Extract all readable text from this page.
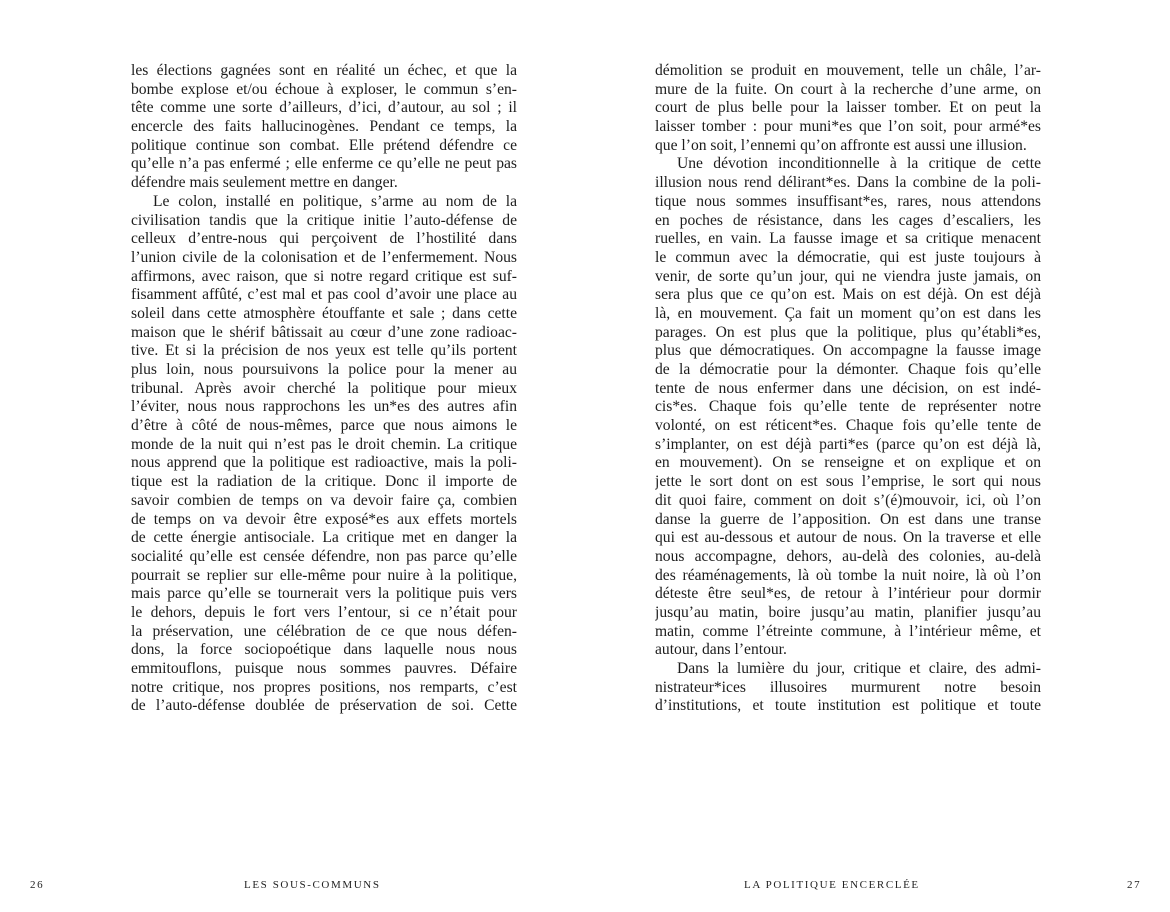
les élections gagnées sont en réalité un échec, et que la
bombe explose et/ou échoue à exploser, le commun s’en-
tête comme une sorte d’ailleurs, d’ici, d’autour, au sol ; il
encercle des faits hallucinogènes. Pendant ce temps, la
politique continue son combat. Elle prétend défendre ce
qu’elle n’a pas enfermé ; elle enferme ce qu’elle ne peut pas
défendre mais seulement mettre en danger.
Le colon, installé en politique, s’arme au nom de la
civilisation tandis que la critique initie l’auto-défense de
celleux d’entre-nous qui perçoivent de l’hostilité dans
l’union civile de la colonisation et de l’enfermement. Nous
affirmons, avec raison, que si notre regard critique est suf-
fisamment affûté, c’est mal et pas cool d’avoir une place au
soleil dans cette atmosphère étouffante et sale ; dans cette
maison que le shérif bâtissait au cœur d’une zone radioac-
tive. Et si la précision de nos yeux est telle qu’ils portent
plus loin, nous poursuivons la police pour la mener au
tribunal. Après avoir cherché la politique pour mieux
l’éviter, nous nous rapprochons les un*es des autres afin
d’être à côté de nous-mêmes, parce que nous aimons le
monde de la nuit qui n’est pas le droit chemin. La critique
nous apprend que la politique est radioactive, mais la poli-
tique est la radiation de la critique. Donc il importe de
savoir combien de temps on va devoir faire ça, combien
de temps on va devoir être exposé*es aux effets mortels
de cette énergie antisociale. La critique met en danger la
socialité qu’elle est censée défendre, non pas parce qu’elle
pourrait se replier sur elle-même pour nuire à la politique,
mais parce qu’elle se tournerait vers la politique puis vers
le dehors, depuis le fort vers l’entour, si ce n’était pour
la préservation, une célébration de ce que nous défen-
dons, la force sociopoétique dans laquelle nous nous
emmitouflons, puisque nous sommes pauvres. Défaire
notre critique, nos propres positions, nos remparts, c’est
de l’auto-défense doublée de préservation de soi. Cette
démolition se produit en mouvement, telle un châle, l’ar-
mure de la fuite. On court à la recherche d’une arme, on
court de plus belle pour la laisser tomber. Et on peut la
laisser tomber : pour muni*es que l’on soit, pour armé*es
que l’on soit, l’ennemi qu’on affronte est aussi une illusion.
Une dévotion inconditionnelle à la critique de cette
illusion nous rend délirant*es. Dans la combine de la poli-
tique nous sommes insuffisant*es, rares, nous attendons
en poches de résistance, dans les cages d’escaliers, les
ruelles, en vain. La fausse image et sa critique menacent
le commun avec la démocratie, qui est juste toujours à
venir, de sorte qu’un jour, qui ne viendra juste jamais, on
sera plus que ce qu’on est. Mais on est déjà. On est déjà
là, en mouvement. Ça fait un moment qu’on est dans les
parages. On est plus que la politique, plus qu’établi*es,
plus que démocratiques. On accompagne la fausse image
de la démocratie pour la démonter. Chaque fois qu’elle
tente de nous enfermer dans une décision, on est indé-
cis*es. Chaque fois qu’elle tente de représenter notre
volonté, on est réticent*es. Chaque fois qu’elle tente de
s’implanter, on est déjà parti*es (parce qu’on est déjà là,
en mouvement). On se renseigne et on explique et on
jette le sort dont on est sous l’emprise, le sort qui nous
dit quoi faire, comment on doit s’(é)mouvoir, ici, où l’on
danse la guerre de l’apposition. On est dans une transe
qui est au-dessous et autour de nous. On la traverse et elle
nous accompagne, dehors, au-delà des colonies, au-delà
des réaménagements, là où tombe la nuit noire, là où l’on
déteste être seul*es, de retour à l’intérieur pour dormir
jusqu’au matin, boire jusqu’au matin, planifier jusqu’au
matin, comme l’étreinte commune, à l’intérieur même, et
autour, dans l’entour.
Dans la lumière du jour, critique et claire, des admi-
nistrateur*ices illusoires murmurent notre besoin
d’institutions, et toute institution est politique et toute
26	LES SOUS-COMMUNS	LA POLITIQUE ENCERCLÉE	27
